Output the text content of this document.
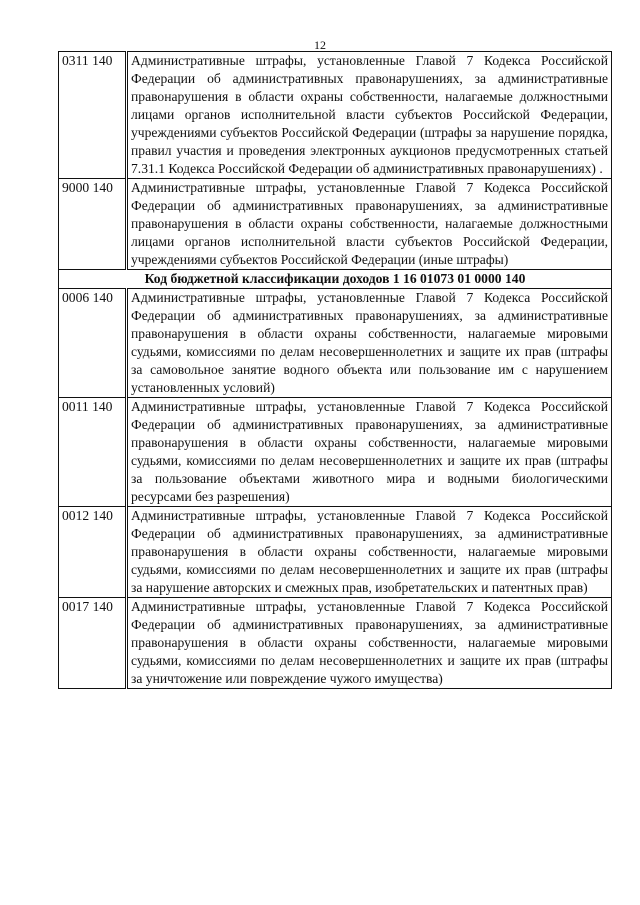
12
0311 140	Административные штрафы, установленные Главой 7 Кодекса Российской Федерации об административных правонарушениях, за административные правонарушения в области охраны собственности, налагаемые должностными лицами органов исполнительной власти субъектов Российской Федерации, учреждениями субъектов Российской Федерации (штрафы за нарушение порядка, правил участия и проведения электронных аукционов предусмотренных статьей 7.31.1 Кодекса Российской Федерации об административных правонарушениях) .
9000 140	Административные штрафы, установленные Главой 7 Кодекса Российской Федерации об административных правонарушениях, за административные правонарушения в области охраны собственности, налагаемые должностными лицами органов исполнительной власти субъектов Российской Федерации, учреждениями субъектов Российской Федерации (иные штрафы)
Код бюджетной классификации доходов 1 16 01073 01 0000 140	
0006 140	Административные штрафы, установленные Главой 7 Кодекса Российской Федерации об административных правонарушениях, за административные правонарушения в области охраны собственности, налагаемые мировыми судьями, комиссиями по делам несовершеннолетних и защите их прав (штрафы за самовольное занятие водного объекта или пользование им с нарушением установленных условий)
0011 140	Административные штрафы, установленные Главой 7 Кодекса Российской Федерации об административных правонарушениях, за административные правонарушения в области охраны собственности, налагаемые мировыми судьями, комиссиями по делам несовершеннолетних и защите их прав (штрафы за пользование объектами животного мира и водными биологическими ресурсами без разрешения)
0012 140	Административные штрафы, установленные Главой 7 Кодекса Российской Федерации об административных правонарушениях, за административные правонарушения в области охраны собственности, налагаемые мировыми судьями, комиссиями по делам несовершеннолетних и защите их прав (штрафы за нарушение авторских и смежных прав, изобретательских и патентных прав)
0017 140	Административные штрафы, установленные Главой 7 Кодекса Российской Федерации об административных правонарушениях, за административные правонарушения в области охраны собственности, налагаемые мировыми судьями, комиссиями по делам несовершеннолетних и защите их прав (штрафы за уничтожение или повреждение чужого имущества)
